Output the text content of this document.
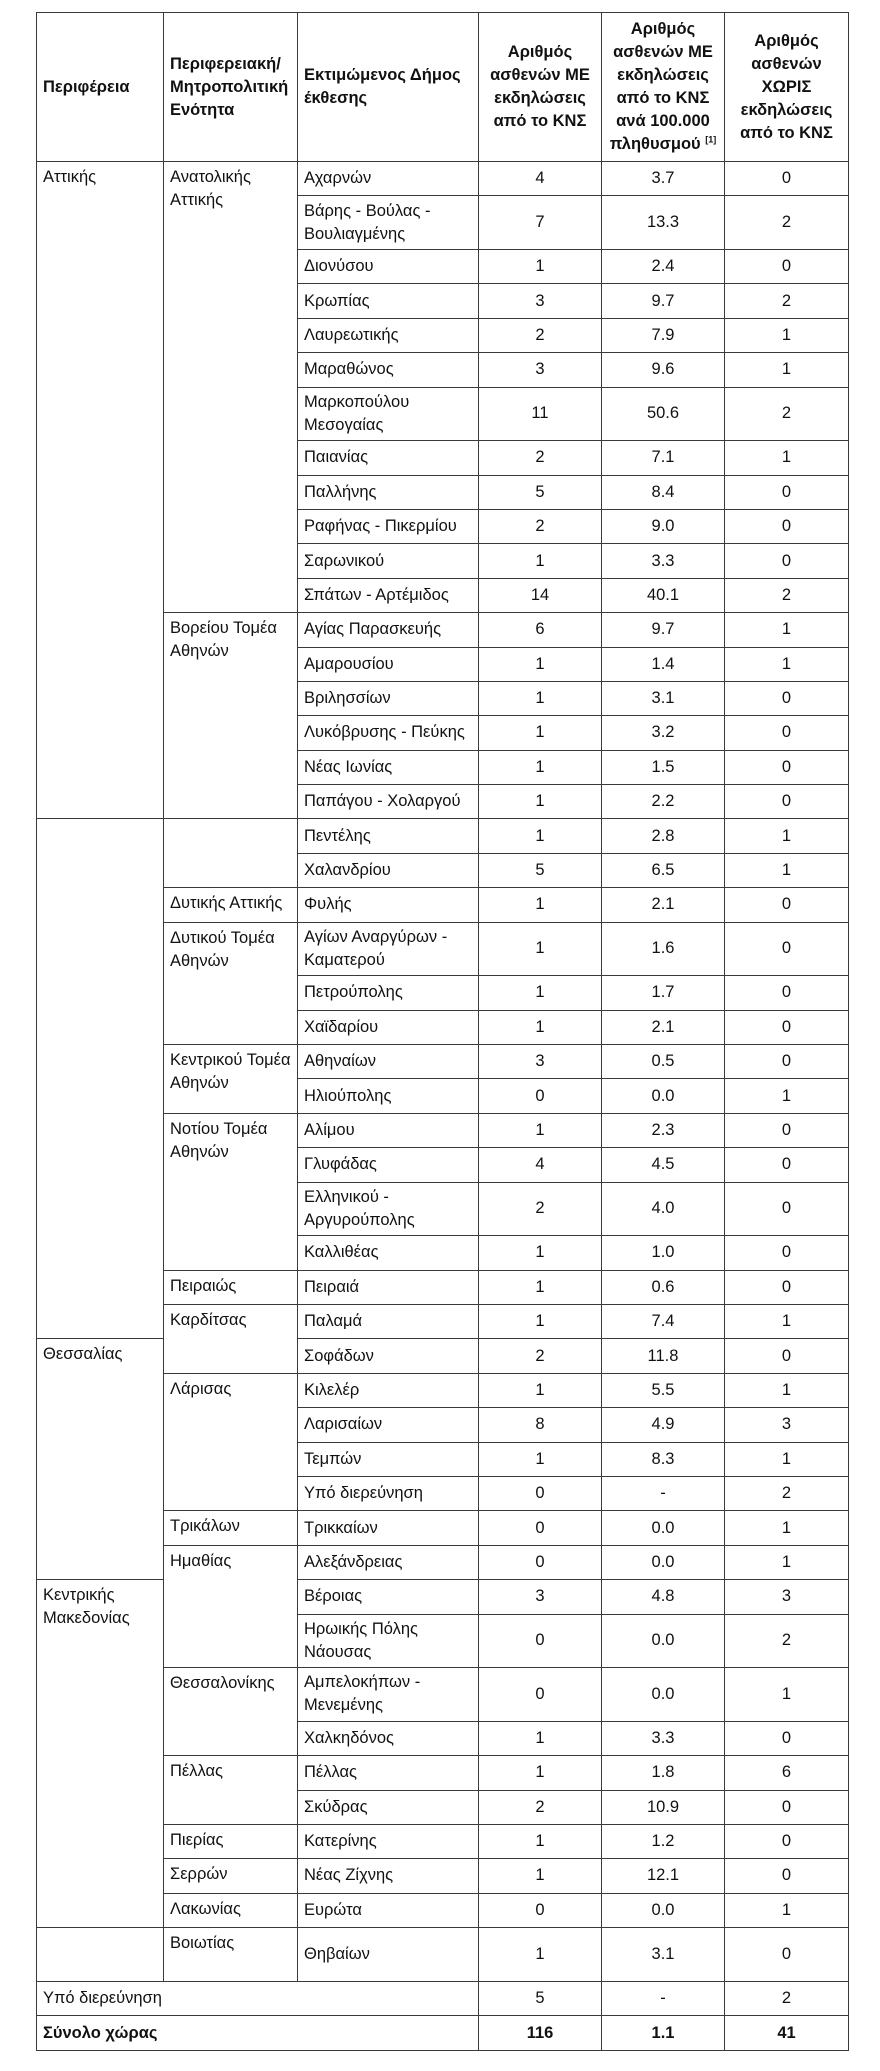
Περιφέρεια	Περιφερειακή/ Μητροπολιτική Ενότητα	Εκτιμώμενος Δήμος έκθεσης	Αριθμός ασθενών ΜΕ εκδηλώσεις από το ΚΝΣ	Αριθμός ασθενών ΜΕ εκδηλώσεις από το ΚΝΣ ανά 100.000 πληθυσμού [1]	Αριθμός ασθενών ΧΩΡΙΣ εκδηλώσεις από το ΚΝΣ
Αττικής	Ανατολικής Αττικής	Αχαρνών	4	3.7	0
		Βάρης - Βούλας - Βουλιαγμένης	7	13.3	2
		Διονύσου	1	2.4	0
		Κρωπίας	3	9.7	2
		Λαυρεωτικής	2	7.9	1
		Μαραθώνος	3	9.6	1
		Μαρκοπούλου Μεσογαίας	11	50.6	2
		Παιανίας	2	7.1	1
		Παλλήνης	5	8.4	0
		Ραφήνας - Πικερμίου	2	9.0	0
		Σαρωνικού	1	3.3	0
		Σπάτων - Αρτέμιδος	14	40.1	2
	Βορείου Τομέα Αθηνών	Αγίας Παρασκευής	6	9.7	1
		Αμαρουσίου	1	1.4	1
		Βριλησσίων	1	3.1	0
		Λυκόβρυσης - Πεύκης	1	3.2	0
		Νέας Ιωνίας	1	1.5	0
		Παπάγου - Χολαργού	1	2.2	0
		Πεντέλης	1	2.8	1
		Χαλανδρίου	5	6.5	1
	Δυτικής Αττικής	Φυλής	1	2.1	0
	Δυτικού Τομέα Αθηνών	Αγίων Αναργύρων - Καματερού	1	1.6	0
		Πετρούπολης	1	1.7	0
		Χαϊδαρίου	1	2.1	0
	Κεντρικού Τομέα Αθηνών	Αθηναίων	3	0.5	0
		Ηλιούπολης	0	0.0	1
	Νοτίου Τομέα Αθηνών	Αλίμου	1	2.3	0
		Γλυφάδας	4	4.5	0
		Ελληνικού - Αργυρούπολης	2	4.0	0
		Καλλιθέας	1	1.0	0
	Πειραιώς	Πειραιά	1	0.6	0
	Καρδίτσας	Παλαμά	1	7.4	1
Θεσσαλίας		Σοφάδων	2	11.8	0
	Λάρισας	Κιλελέρ	1	5.5	1
		Λαρισαίων	8	4.9	3
		Τεμπών	1	8.3	1
		Υπό διερεύνηση	0	-	2
	Τρικάλων	Τρικκαίων	0	0.0	1
	Ημαθίας	Αλεξάνδρειας	0	0.0	1
Κεντρικής Μακεδονίας		Βέροιας	3	4.8	3
		Ηρωικής Πόλης Νάουσας	0	0.0	2
	Θεσσαλονίκης	Αμπελοκήπων - Μενεμένης	0	0.0	1
		Χαλκηδόνος	1	3.3	0
	Πέλλας	Πέλλας	1	1.8	6
		Σκύδρας	2	10.9	0
	Πιερίας	Κατερίνης	1	1.2	0
	Σερρών	Νέας Ζίχνης	1	12.1	0
	Λακωνίας	Ευρώτα	0	0.0	1
	Βοιωτίας	Θηβαίων	1	3.1	0
Υπό διερεύνηση			5	-	2
Σύνολο χώρας			116	1.1	41
